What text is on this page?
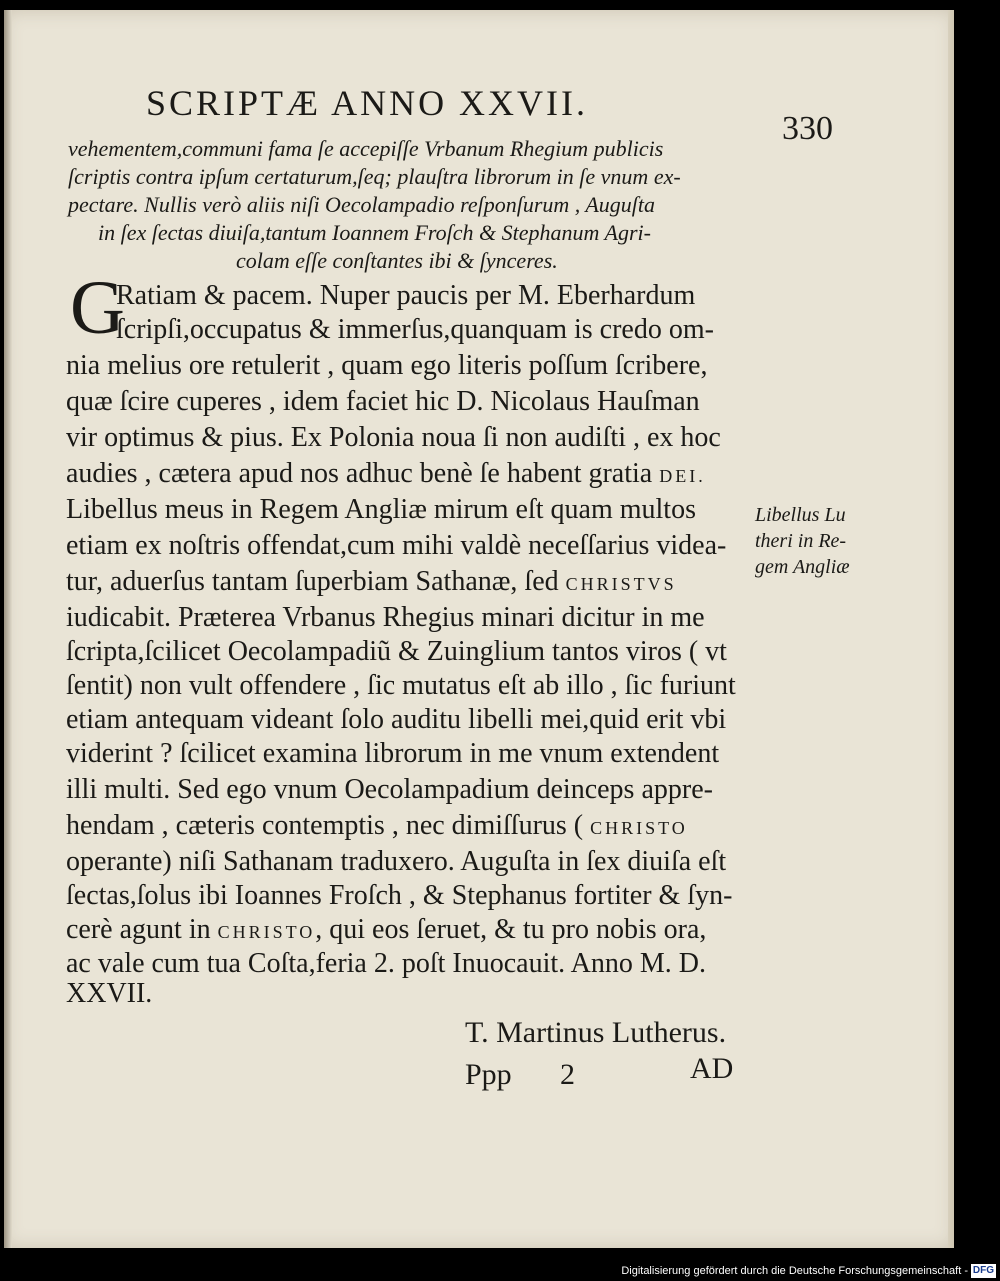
SCRIPTÆ ANNO XXVII.
330
vehementem,communi fama ſe accepiſſe Vrbanum Rhegium publicis
ſcriptis contra ipſum certaturum,ſeq; plauſtra librorum in ſe vnum ex-
pectare. Nullis verò aliis niſi Oecolampadio reſponſurum , Auguſta
in ſex ſectas diuiſa,tantum Ioannem Froſch & Stephanum Agri-
colam eſſe conſtantes ibi & ſynceres.
G
Ratiam & pacem. Nuper paucis per M. Eberhardum
ſcripſi,occupatus & immerſus,quanquam is credo om-
nia melius ore retulerit , quam ego literis poſſum ſcribere,
quæ ſcire cuperes , idem faciet hic D. Nicolaus Hauſman
vir optimus & pius. Ex Polonia noua ſi non audiſti , ex hoc
audies , cætera apud nos adhuc benè ſe habent gratia DEI.
Libellus meus in Regem Angliæ mirum eſt quam multos
etiam ex noſtris offendat,cum mihi valdè neceſſarius videa-
tur, aduerſus tantam ſuperbiam Sathanæ, ſed CHRISTVS
iudicabit. Præterea Vrbanus Rhegius minari dicitur in me
ſcripta,ſcilicet Oecolampadiũ & Zuinglium tantos viros ( vt
ſentit) non vult offendere , ſic mutatus eſt ab illo , ſic furiunt
etiam antequam videant ſolo auditu libelli mei,quid erit vbi
viderint ? ſcilicet examina librorum in me vnum extendent
illi multi. Sed ego vnum Oecolampadium deinceps appre-
hendam , cæteris contemptis , nec dimiſſurus ( CHRISTO
operante) niſi Sathanam traduxero. Auguſta in ſex diuiſa eſt
ſectas,ſolus ibi Ioannes Froſch , & Stephanus fortiter & ſyn-
cerè agunt in CHRISTO, qui eos ſeruet, & tu pro nobis ora,
ac vale cum tua Coſta,feria 2. poſt Inuocauit. Anno M. D.
XXVII.
Libellus Lu
theri in Re-
gem Angliæ
T. Martinus Lutherus.
Ppp 2	AD
Digitalisierung gefördert durch die Deutsche Forschungsgemeinschaft - DFG
